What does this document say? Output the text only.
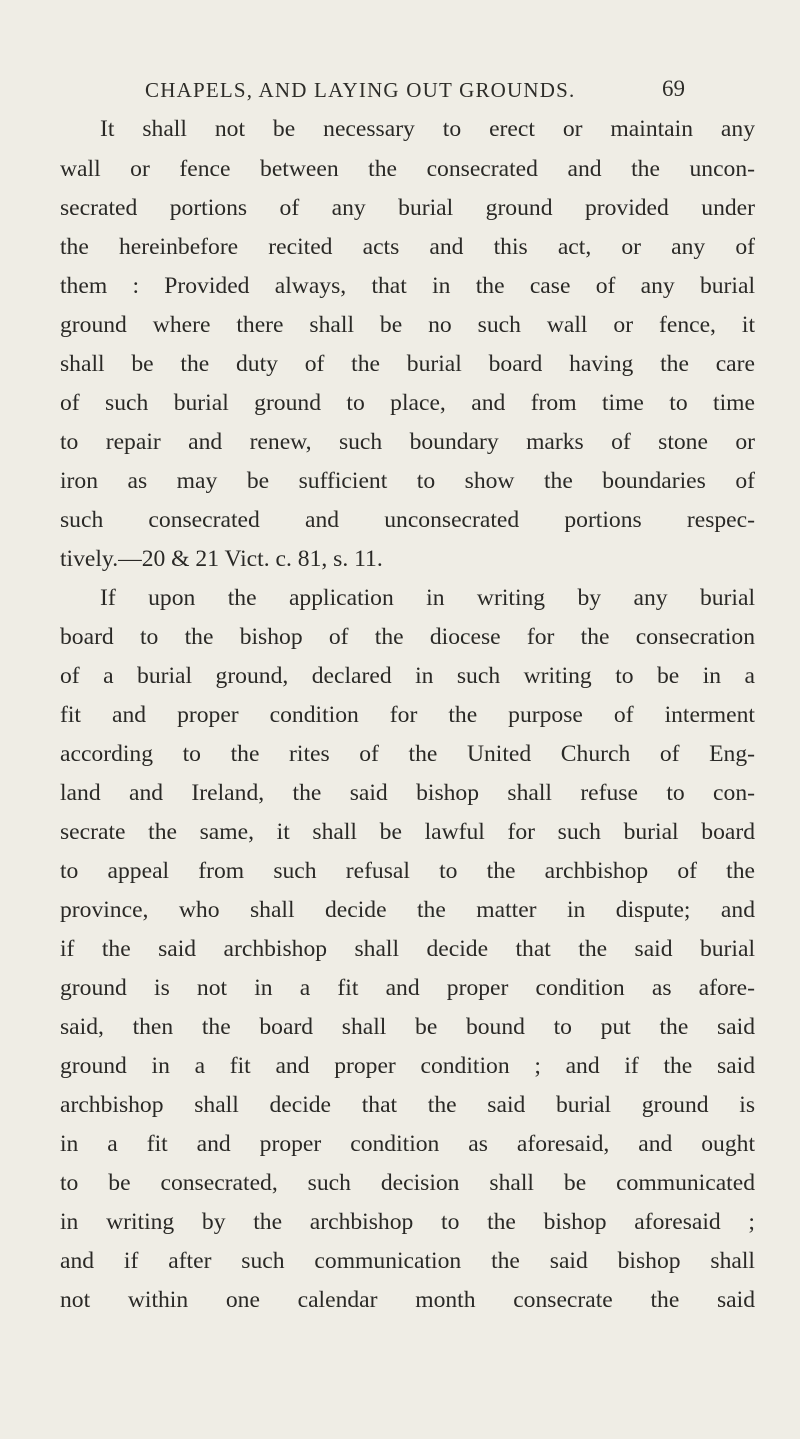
CHAPELS, AND LAYING OUT GROUNDS.	69
It shall not be necessary to erect or maintain any
wall or fence between the consecrated and the uncon-
secrated portions of any burial ground provided under
the hereinbefore recited acts and this act, or any of
them : Provided always, that in the case of any burial
ground where there shall be no such wall or fence, it
shall be the duty of the burial board having the care
of such burial ground to place, and from time to time
to repair and renew, such boundary marks of stone or
iron as may be sufficient to show the boundaries of
such consecrated and unconsecrated portions respec-
tively.—20 & 21 Vict. c. 81, s. 11.
If upon the application in writing by any burial
board to the bishop of the diocese for the consecration
of a burial ground, declared in such writing to be in a
fit and proper condition for the purpose of interment
according to the rites of the United Church of Eng-
land and Ireland, the said bishop shall refuse to con-
secrate the same, it shall be lawful for such burial board
to appeal from such refusal to the archbishop of the
province, who shall decide the matter in dispute; and
if the said archbishop shall decide that the said burial
ground is not in a fit and proper condition as afore-
said, then the board shall be bound to put the said
ground in a fit and proper condition ; and if the said
archbishop shall decide that the said burial ground is
in a fit and proper condition as aforesaid, and ought
to be consecrated, such decision shall be communicated
in writing by the archbishop to the bishop aforesaid ;
and if after such communication the said bishop shall
not within one calendar month consecrate the said
